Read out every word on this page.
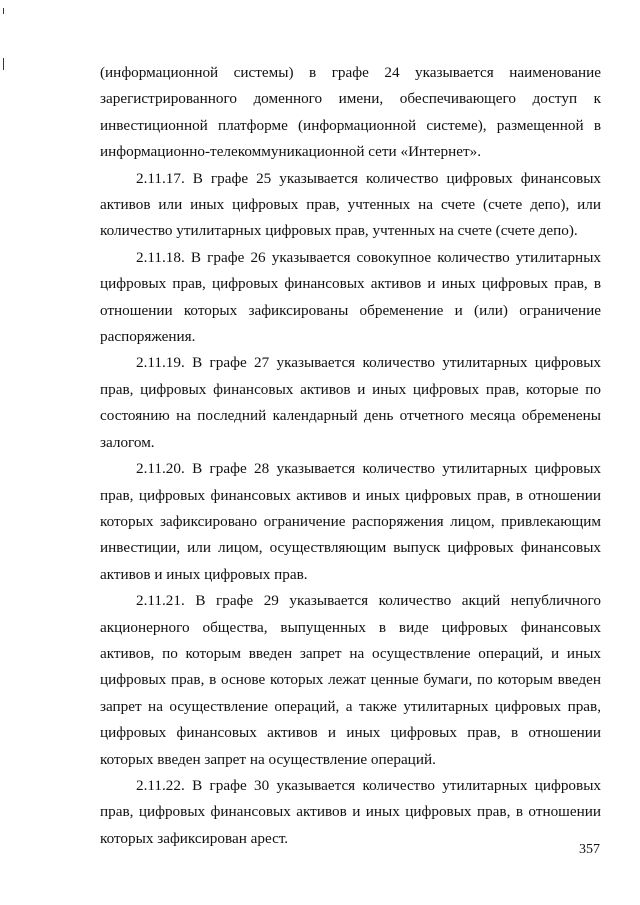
(информационной системы) в графе 24 указывается наименование зарегистрированного доменного имени, обеспечивающего доступ к инвестиционной платформе (информационной системе), размещенной в информационно-телекоммуникационной сети «Интернет».

2.11.17. В графе 25 указывается количество цифровых финансовых активов или иных цифровых прав, учтенных на счете (счете депо), или количество утилитарных цифровых прав, учтенных на счете (счете депо).

2.11.18. В графе 26 указывается совокупное количество утилитарных цифровых прав, цифровых финансовых активов и иных цифровых прав, в отношении которых зафиксированы обременение и (или) ограничение распоряжения.

2.11.19. В графе 27 указывается количество утилитарных цифровых прав, цифровых финансовых активов и иных цифровых прав, которые по состоянию на последний календарный день отчетного месяца обременены залогом.

2.11.20. В графе 28 указывается количество утилитарных цифровых прав, цифровых финансовых активов и иных цифровых прав, в отношении которых зафиксировано ограничение распоряжения лицом, привлекающим инвестиции, или лицом, осуществляющим выпуск цифровых финансовых активов и иных цифровых прав.

2.11.21. В графе 29 указывается количество акций непубличного акционерного общества, выпущенных в виде цифровых финансовых активов, по которым введен запрет на осуществление операций, и иных цифровых прав, в основе которых лежат ценные бумаги, по которым введен запрет на осуществление операций, а также утилитарных цифровых прав, цифровых финансовых активов и иных цифровых прав, в отношении которых введен запрет на осуществление операций.

2.11.22. В графе 30 указывается количество утилитарных цифровых прав, цифровых финансовых активов и иных цифровых прав, в отношении которых зафиксирован арест.

357
